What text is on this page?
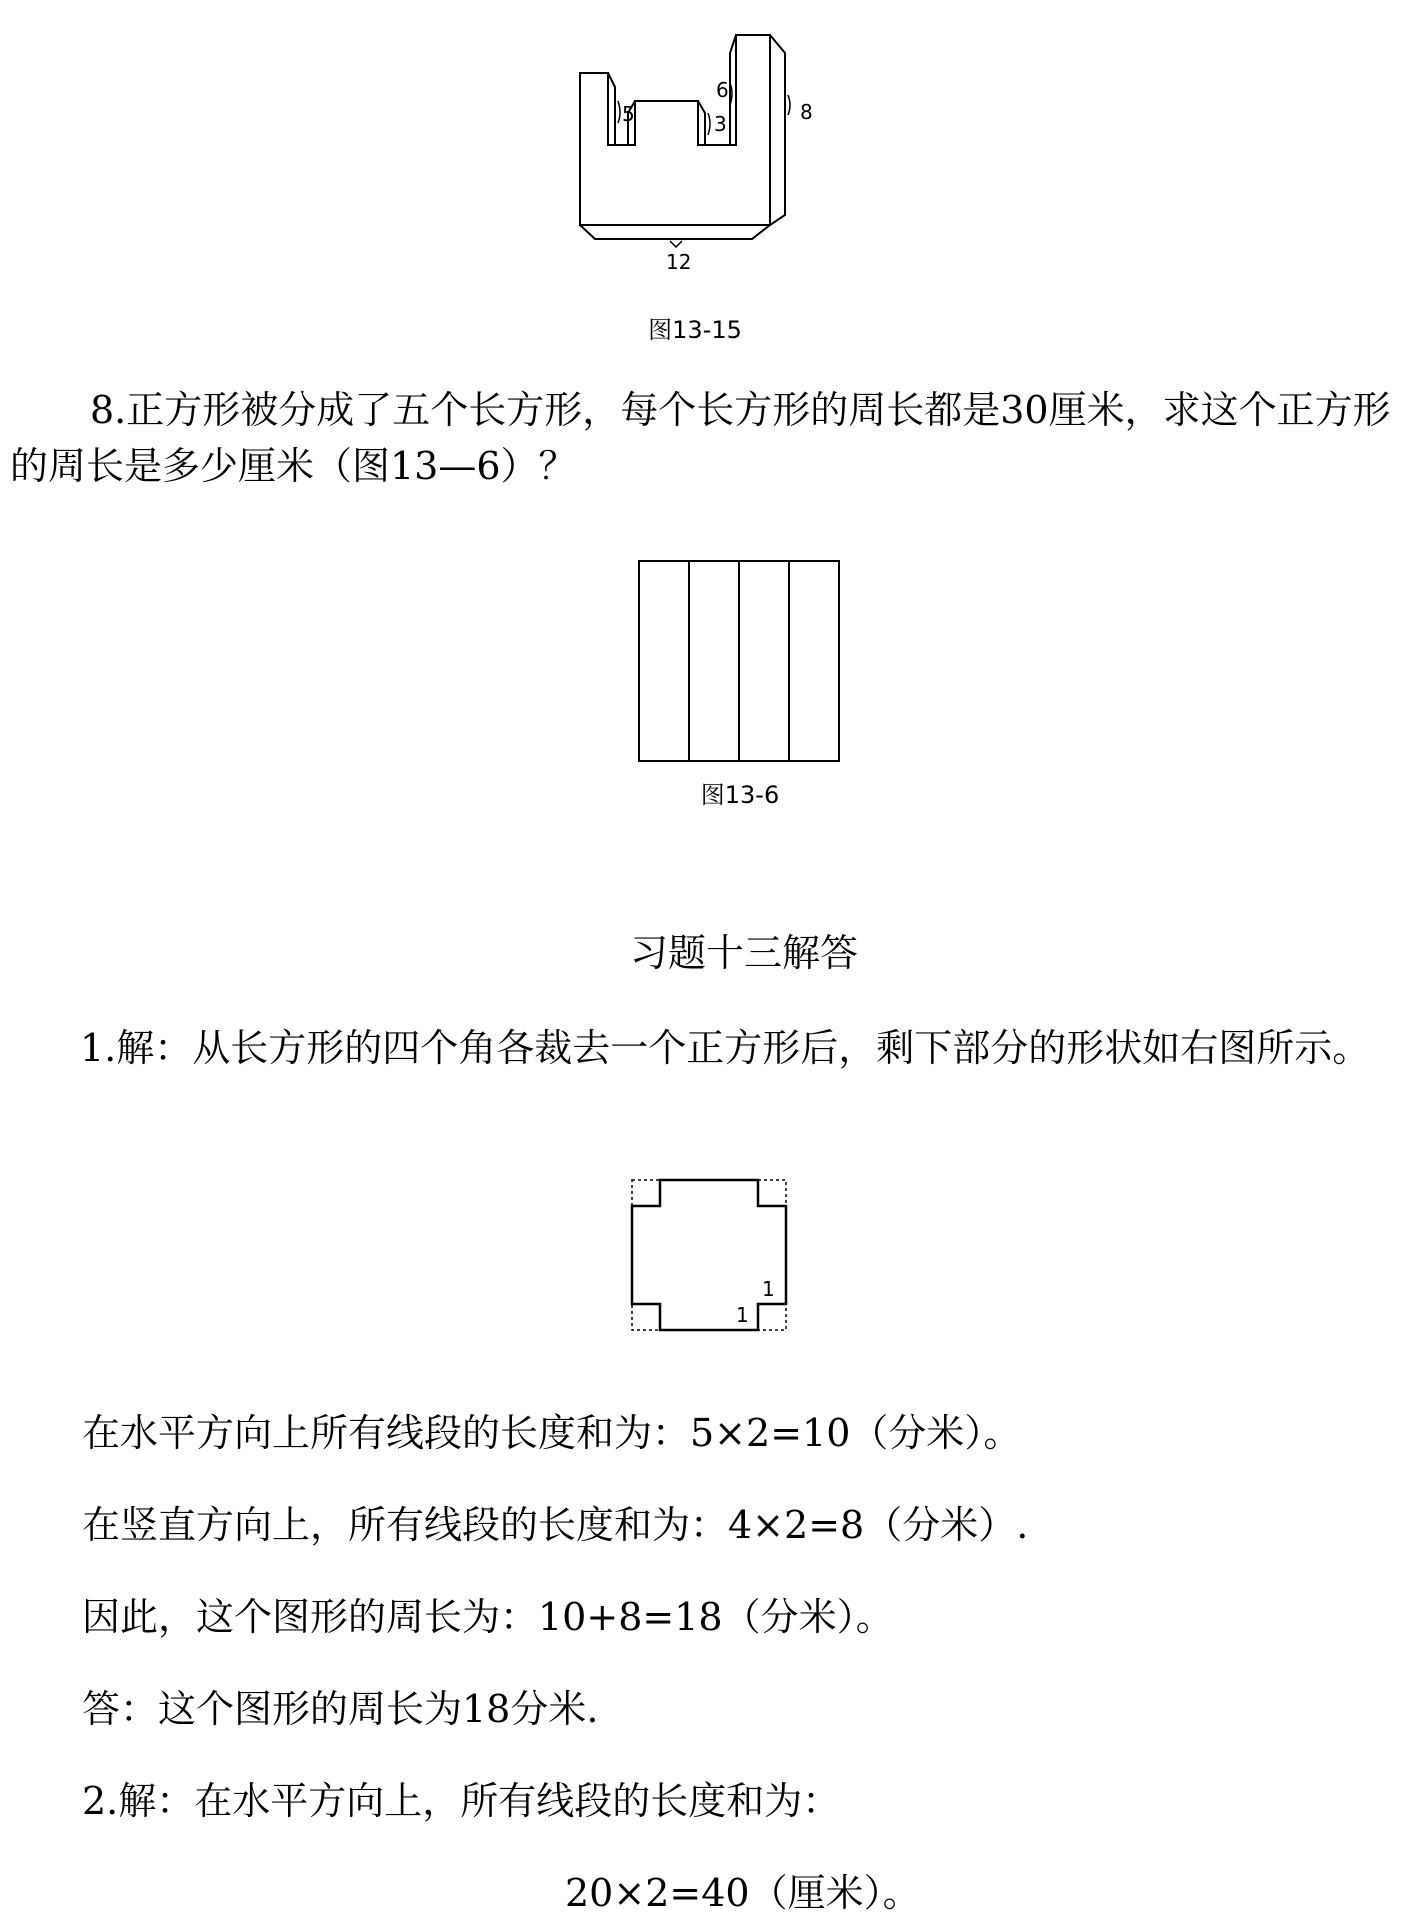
5
6
3	8
12
图13-15

8.正方形被分成了五个长方形，每个长方形的周长都是30厘米，求这个正方形的周长是多少厘米（图13—6）？

图13-6
习题十三解答

1.解：从长方形的四个角各裁去一个正方形后，剩下部分的形状如右图所示。

1
1

在水平方向上所有线段的长度和为：5×2=10（分米）。

在竖直方向上，所有线段的长度和为：4×2=8（分米）.

因此，这个图形的周长为：10+8=18（分米）。

答：这个图形的周长为18分米.

2.解：在水平方向上，所有线段的长度和为：

20×2=40（厘米）。
